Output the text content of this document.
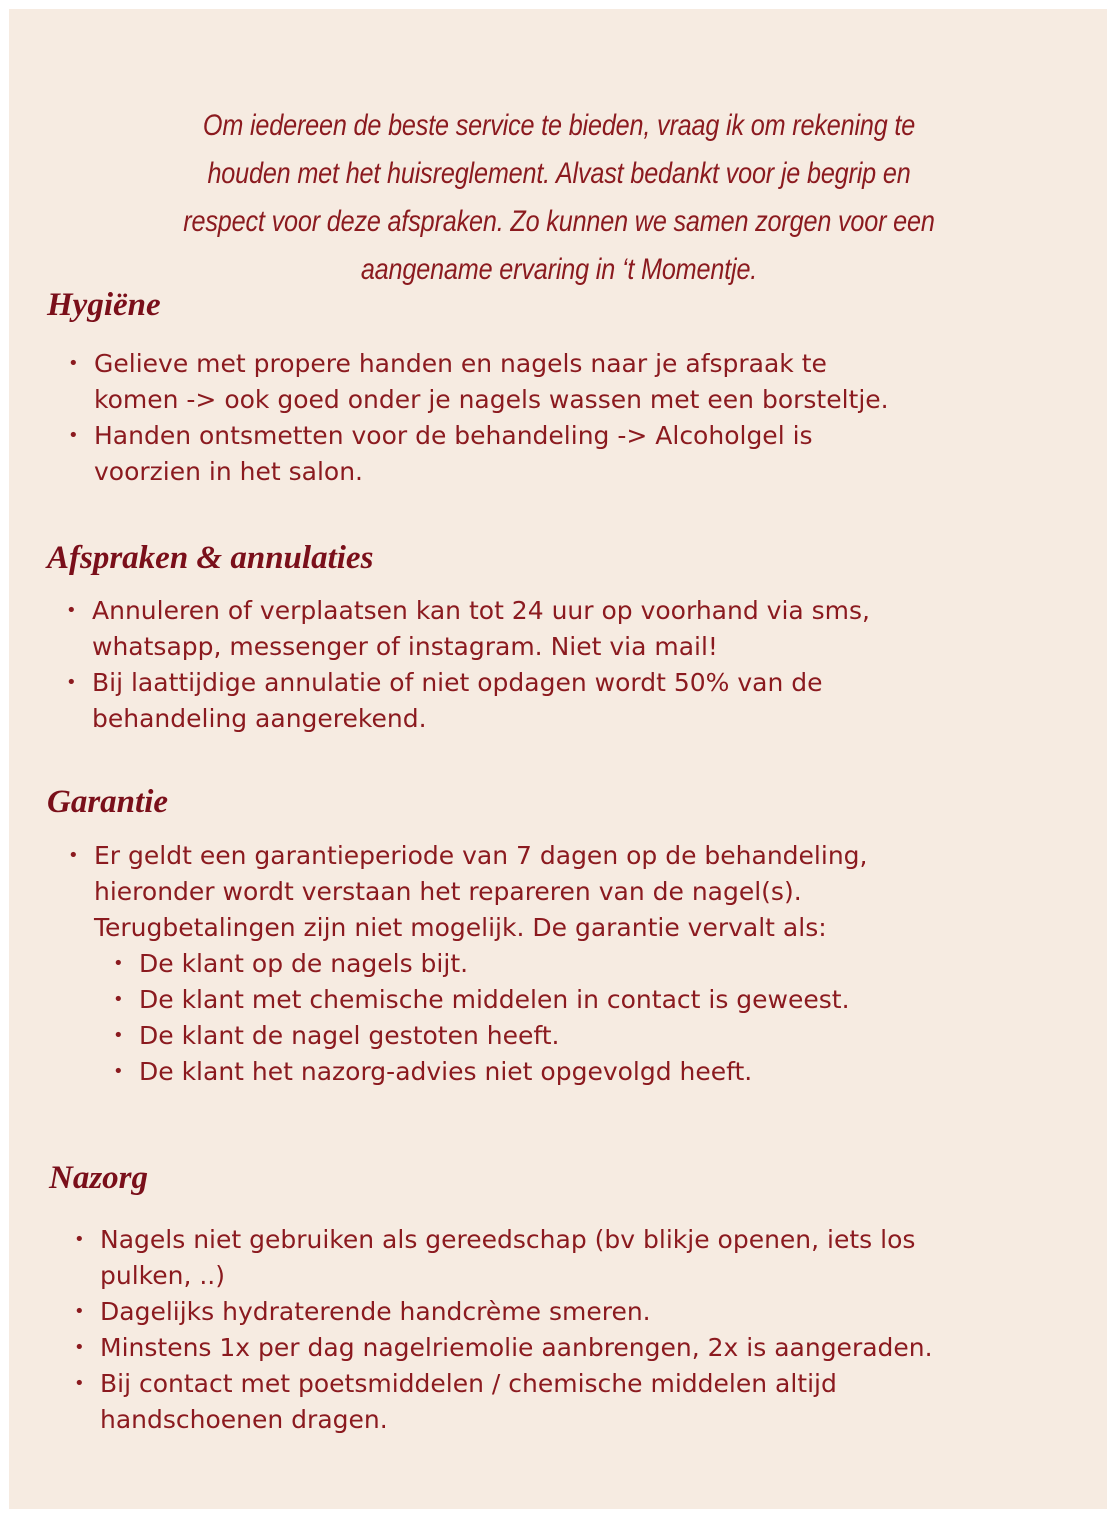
Om iedereen de beste service te bieden, vraag ik om rekening te
houden met het huisreglement. Alvast bedankt voor je begrip en
respect voor deze afspraken. Zo kunnen we samen zorgen voor een
aangename ervaring in ‘t Momentje.
Hygiëne
• Gelieve met propere handen en nagels naar je afspraak te
komen -> ook goed onder je nagels wassen met een borsteltje.
• Handen ontsmetten voor de behandeling -> Alcoholgel is
voorzien in het salon.
Afspraken & annulaties
• Annuleren of verplaatsen kan tot 24 uur op voorhand via sms,
whatsapp, messenger of instagram. Niet via mail!
• Bij laattijdige annulatie of niet opdagen wordt 50% van de
behandeling aangerekend.
Garantie
• Er geldt een garantieperiode van 7 dagen op de behandeling,
hieronder wordt verstaan het repareren van de nagel(s).
Terugbetalingen zijn niet mogelijk. De garantie vervalt als:
• De klant op de nagels bijt.
• De klant met chemische middelen in contact is geweest.
• De klant de nagel gestoten heeft.
• De klant het nazorg-advies niet opgevolgd heeft.
Nazorg
• Nagels niet gebruiken als gereedschap (bv blikje openen, iets los
pulken, ..)
• Dagelijks hydraterende handcrème smeren.
• Minstens 1x per dag nagelriemolie aanbrengen, 2x is aangeraden.
• Bij contact met poetsmiddelen / chemische middelen altijd
handschoenen dragen.
